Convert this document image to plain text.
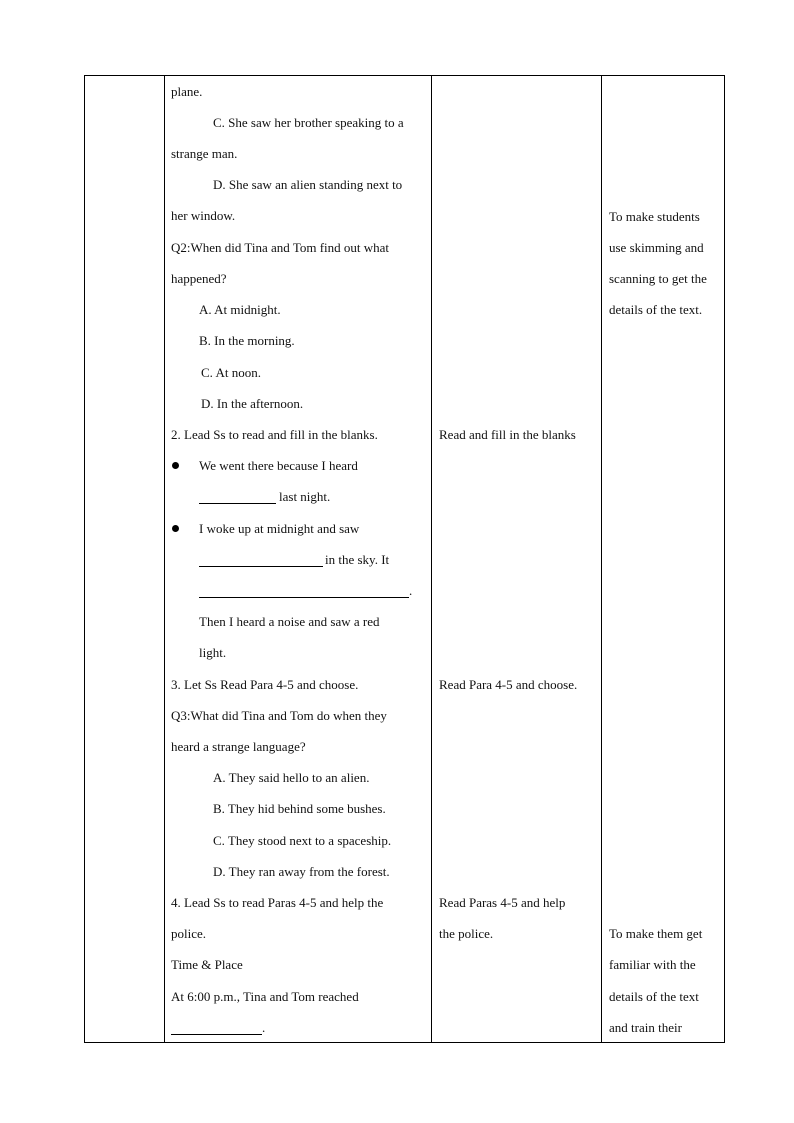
plane.
C. She saw her brother speaking to a
strange man.
D. She saw an alien standing next to
her window.
Q2:When did Tina and Tom find out what
happened?
A. At midnight.
B. In the morning.
C. At noon.
D. In the afternoon.
2. Lead Ss to read and fill in the blanks.
We went there because I heard
last night.
I woke up at midnight and saw
in the sky. It
.
Then I heard a noise and saw a red
light.
3. Let Ss Read Para 4-5 and choose.
Q3:What did Tina and Tom do when they
heard a strange language?
A. They said hello to an alien.
B. They hid behind some bushes.
C. They stood next to a spaceship.
D. They ran away from the forest.
4. Lead Ss to read Paras 4-5 and help the
police.
Time & Place
At 6:00 p.m., Tina and Tom reached
.
Read and fill in the blanks
Read Para 4-5 and choose.
Read Paras 4-5 and help
the police.
To make students
use skimming and
scanning to get the
details of the text.
To make them get
familiar with the
details of the text
and train their
